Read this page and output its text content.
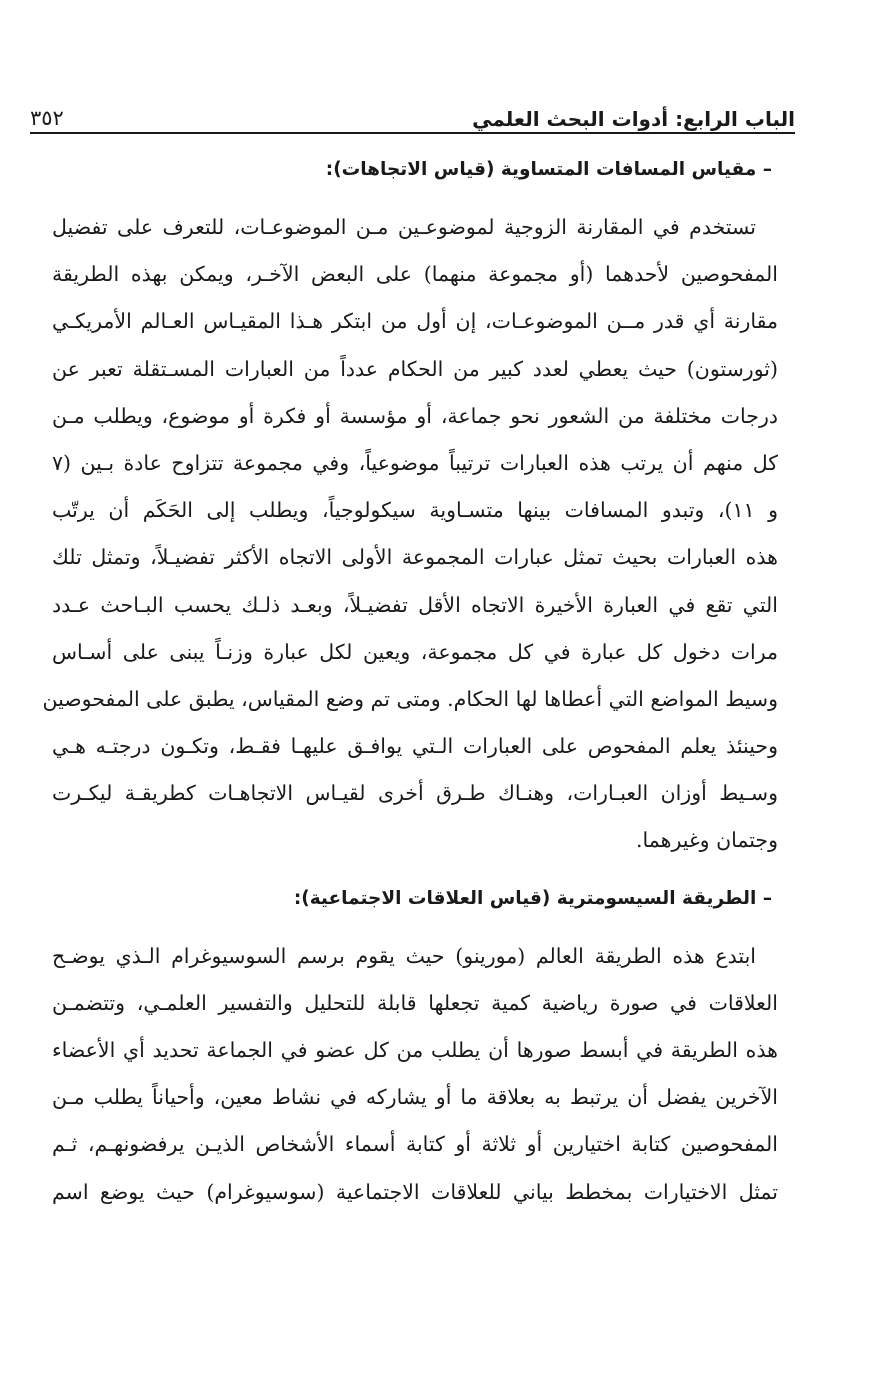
الباب الرابع: أدوات البحث العلمي
٣٥٢
– مقياس المسافات المتساوية (قياس الاتجاهات):
تستخدم في المقارنة الزوجية لموضوعـين مـن الموضوعـات، للتعرف على تفضيل
المفحوصين لأحدهما (أو مجموعة منهما) على البعض الآخـر، ويمكن بهذه الطريقة
مقارنة أي قدر مــن الموضوعـات، إن أول من ابتكر هـذا المقيـاس العـالم الأمريكـي
(ثورستون) حيث يعطي لعدد كبير من الحكام عدداً من العبارات المسـتقلة تعبر عن
درجات مختلفة من الشعور نحو جماعة، أو مؤسسة أو فكرة أو موضوع، ويطلب مـن
كل منهم أن يرتب هذه العبارات ترتيباً موضوعياً، وفي مجموعة تتزاوح عادة بـين (٧
و ١١)، وتبدو المسافات بينها متسـاوية سيكولوجياً، ويطلب إلى الحَكَم أن يرتّب
هذه العبارات بحيث تمثل عبارات المجموعة الأولى الاتجاه الأكثر تفضيـلاً، وتمثل تلك
التي تقع في العبارة الأخيرة الاتجاه الأقل تفضيـلاً، وبعـد ذلـك يحسب البـاحث عـدد
مرات دخول كل عبارة في كل مجموعة، ويعين لكل عبارة وزنـاً يبنى على أسـاس
وسيط المواضع التي أعطاها لها الحكام. ومتى تم وضع المقياس، يطبق على المفحوصين
وحينئذ يعلم المفحوص على العبارات الـتي يوافـق عليهـا فقـط، وتكـون درجتـه هـي
وسـيط أوزان العبـارات، وهنـاك طـرق أخرى لقيـاس الاتجاهـات كطريقـة ليكـرت
وجتمان وغيرهما.
– الطريقة السيسومترية (قياس العلاقات الاجتماعية):
ابتدع هذه الطريقة العالم (مورينو) حيث يقوم برسم السوسيوغرام الـذي يوضـح
العلاقات في صورة رياضية كمية تجعلها قابلة للتحليل والتفسير العلمـي، وتتضمـن
هذه الطريقة في أبسط صورها أن يطلب من كل عضو في الجماعة تحديد أي الأعضاء
الآخرين يفضل أن يرتبط به بعلاقة ما أو يشاركه في نشاط معين، وأحياناً يطلب مـن
المفحوصين كتابة اختيارين أو ثلاثة أو كتابة أسماء الأشخاص الذيـن يرفضونهـم، ثـم
تمثل الاختيارات بمخطط بياني للعلاقات الاجتماعية (سوسيوغرام) حيث يوضع اسم
